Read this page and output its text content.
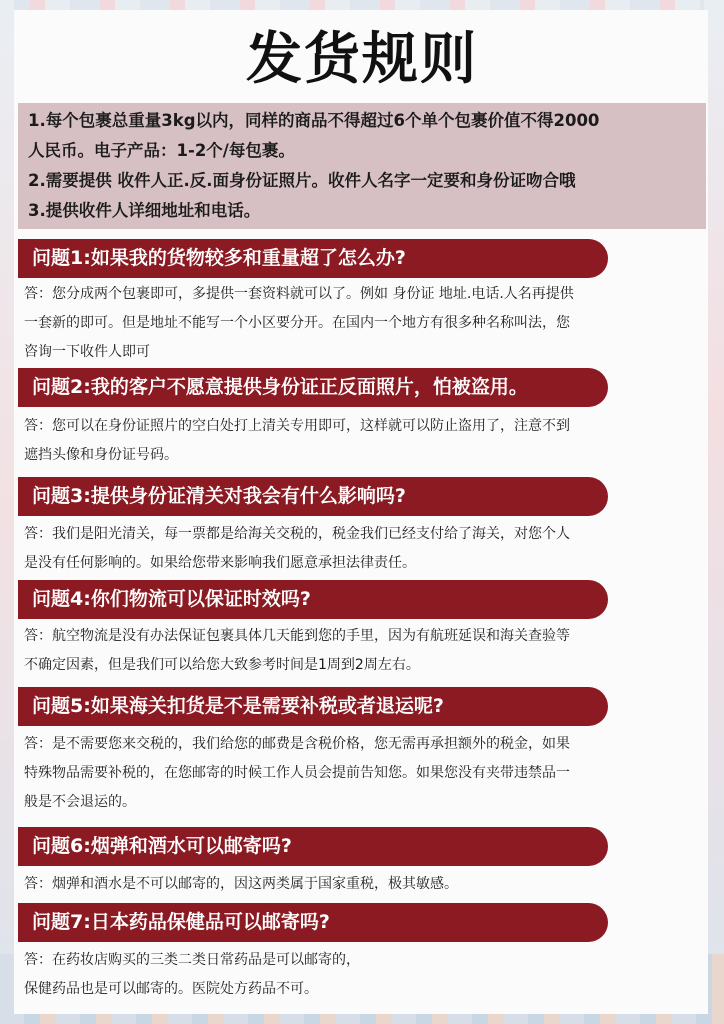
发货规则
1.每个包裹总重量3kg以内，同样的商品不得超过6个单个包裹价值不得2000
人民币。电子产品：1-2个/每包裹。
2.需要提供 收件人正.反.面身份证照片。收件人名字一定要和身份证吻合哦
3.提供收件人详细地址和电话。
问题1:如果我的货物较多和重量超了怎么办?
答：您分成两个包裹即可，多提供一套资料就可以了。例如 身份证 地址.电话.人名再提供
一套新的即可。但是地址不能写一个小区要分开。在国内一个地方有很多种名称叫法，您
咨询一下收件人即可
问题2:我的客户不愿意提供身份证正反面照片，怕被盗用。
答：您可以在身份证照片的空白处打上清关专用即可，这样就可以防止盗用了，注意不到
遮挡头像和身份证号码。
问题3:提供身份证清关对我会有什么影响吗?
答：我们是阳光清关，每一票都是给海关交税的，税金我们已经支付给了海关，对您个人
是没有任何影响的。如果给您带来影响我们愿意承担法律责任。
问题4:你们物流可以保证时效吗?
答：航空物流是没有办法保证包裹具体几天能到您的手里，因为有航班延误和海关查验等
不确定因素，但是我们可以给您大致参考时间是1周到2周左右。
问题5:如果海关扣货是不是需要补税或者退运呢?
答：是不需要您来交税的，我们给您的邮费是含税价格，您无需再承担额外的税金，如果
特殊物品需要补税的，在您邮寄的时候工作人员会提前告知您。如果您没有夹带违禁品一
般是不会退运的。
问题6:烟弹和酒水可以邮寄吗?
答：烟弹和酒水是不可以邮寄的，因这两类属于国家重税，极其敏感。
问题7:日本药品保健品可以邮寄吗?
答：在药妆店购买的三类二类日常药品是可以邮寄的，
保健药品也是可以邮寄的。医院处方药品不可。
